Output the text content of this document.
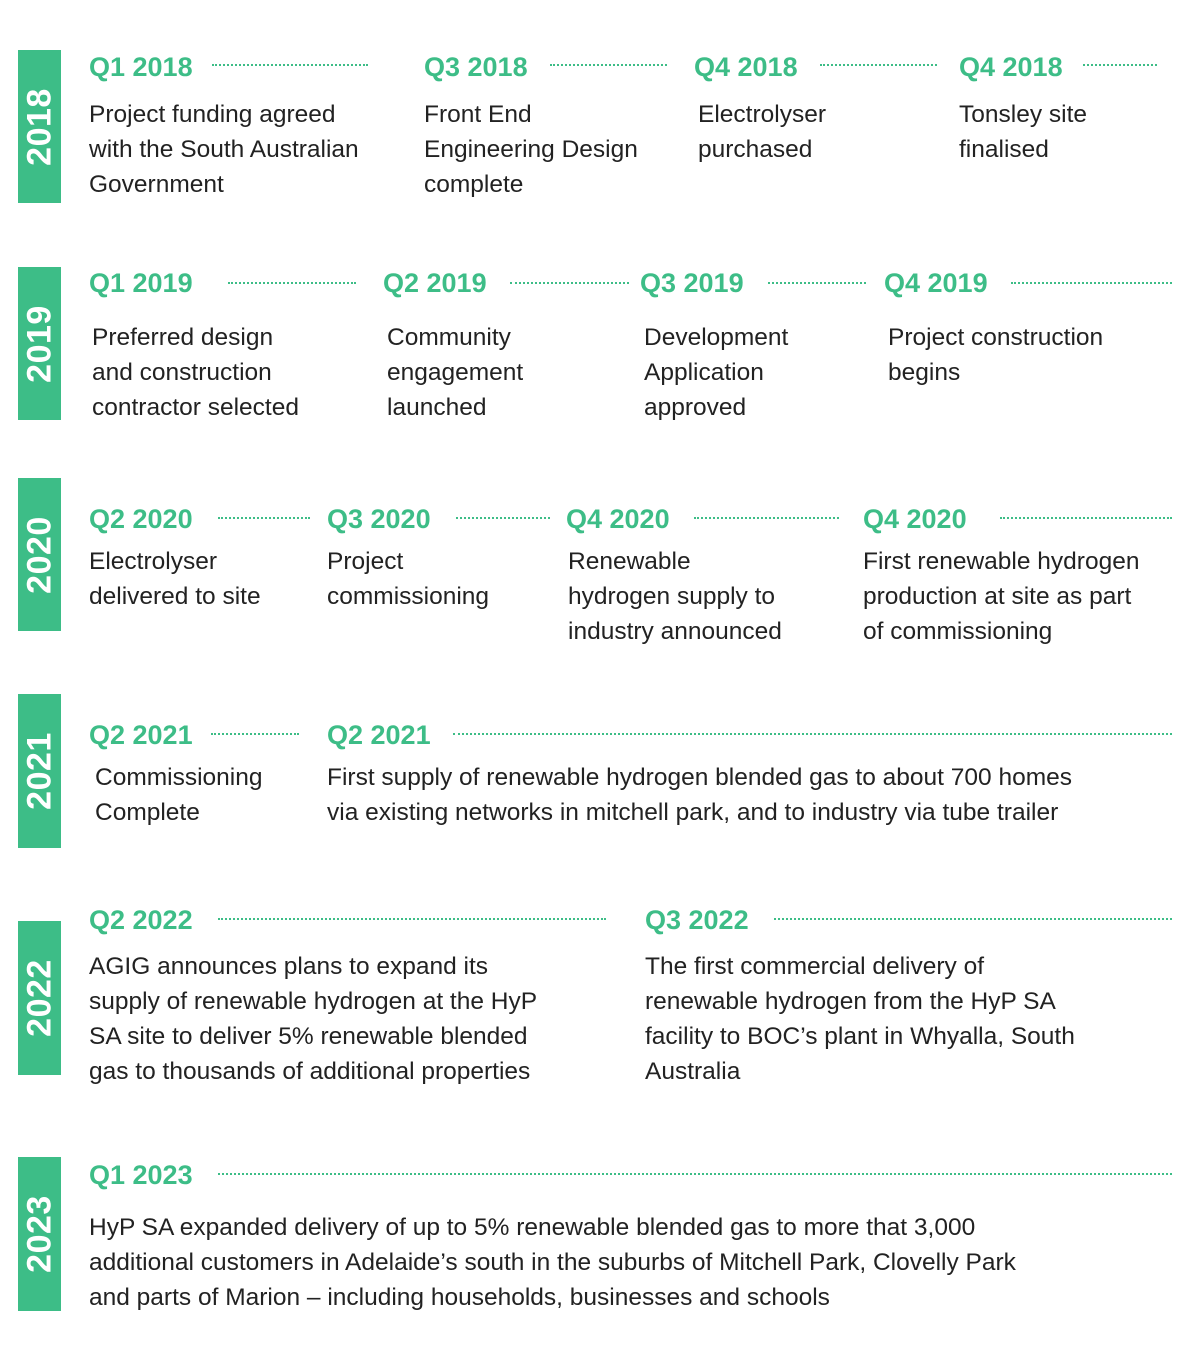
2018
Q1 2018
Project funding agreed
with the South Australian
Government
Q3 2018
Front End
Engineering Design
complete
Q4 2018
Electrolyser
purchased
Q4 2018
Tonsley site
finalised
2019
Q1 2019
Preferred design
and construction
contractor selected
Q2 2019
Community
engagement
launched
Q3 2019
Development
Application
approved
Q4 2019
Project construction
begins
2020 Q2 2020
Electrolyser
delivered to site
Q3 2020
Project
commissioning
Q4 2020
Renewable
hydrogen supply to
industry announced
Q4 2020
First renewable hydrogen
production at site as part
of commissioning
2021 Q2 2021
Commissioning
Complete
Q2 2021
First supply of renewable hydrogen blended gas to about 700 homes
via existing networks in mitchell park, and to industry via tube trailer
2022
Q2 2022
AGIG announces plans to expand its
supply of renewable hydrogen at the HyP
SA site to deliver 5% renewable blended
gas to thousands of additional properties
Q3 2022
The first commercial delivery of
renewable hydrogen from the HyP SA
facility to BOC’s plant in Whyalla, South
Australia
2023
Q1 2023
HyP SA expanded delivery of up to 5% renewable blended gas to more that 3,000
additional customers in Adelaide’s south in the suburbs of Mitchell Park, Clovelly Park
and parts of Marion – including households, businesses and schools
